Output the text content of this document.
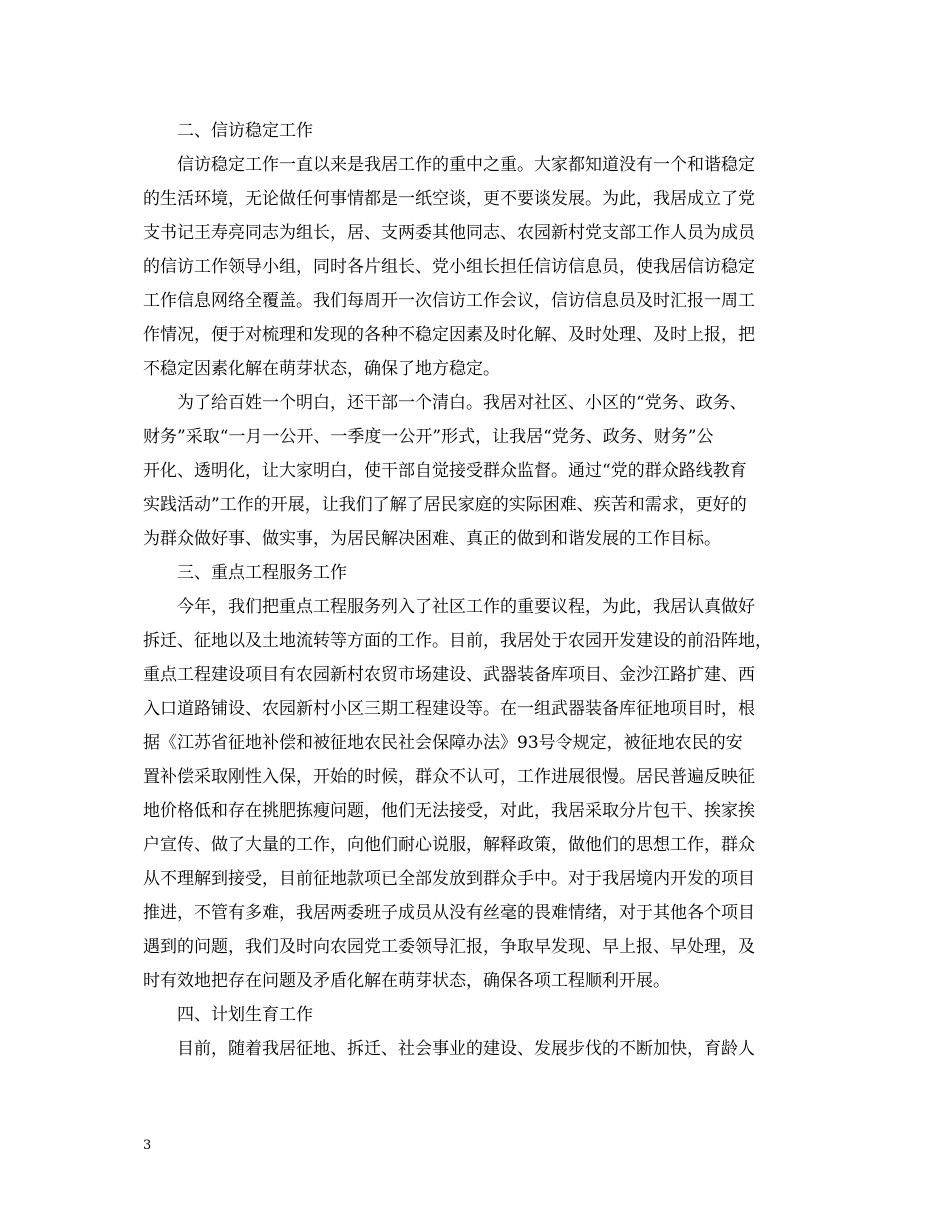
二、信访稳定工作
信访稳定工作一直以来是我居工作的重中之重。大家都知道没有一个和谐稳定
的生活环境，无论做任何事情都是一纸空谈，更不要谈发展。为此，我居成立了党
支书记王寿亮同志为组长，居、支两委其他同志、农园新村党支部工作人员为成员
的信访工作领导小组，同时各片组长、党小组长担任信访信息员，使我居信访稳定
工作信息网络全覆盖。我们每周开一次信访工作会议，信访信息员及时汇报一周工
作情况，便于对梳理和发现的各种不稳定因素及时化解、及时处理、及时上报，把
不稳定因素化解在萌芽状态，确保了地方稳定。
为了给百姓一个明白，还干部一个清白。我居对社区、小区的“党务、政务、
财务”采取“一月一公开、一季度一公开”形式，让我居“党务、政务、财务”公
开化、透明化，让大家明白，使干部自觉接受群众监督。通过“党的群众路线教育
实践活动”工作的开展，让我们了解了居民家庭的实际困难、疾苦和需求，更好的
为群众做好事、做实事，为居民解决困难、真正的做到和谐发展的工作目标。
三、重点工程服务工作
今年，我们把重点工程服务列入了社区工作的重要议程，为此，我居认真做好
拆迁、征地以及土地流转等方面的工作。目前，我居处于农园开发建设的前沿阵地，
重点工程建设项目有农园新村农贸市场建设、武器装备库项目、金沙江路扩建、西
入口道路铺设、农园新村小区三期工程建设等。在一组武器装备库征地项目时，根
据《江苏省征地补偿和被征地农民社会保障办法》93号令规定，被征地农民的安
置补偿采取刚性入保，开始的时候，群众不认可，工作进展很慢。居民普遍反映征
地价格低和存在挑肥拣瘦问题，他们无法接受，对此，我居采取分片包干、挨家挨
户宣传、做了大量的工作，向他们耐心说服，解释政策，做他们的思想工作，群众
从不理解到接受，目前征地款项已全部发放到群众手中。对于我居境内开发的项目
推进，不管有多难，我居两委班子成员从没有丝毫的畏难情绪，对于其他各个项目
遇到的问题，我们及时向农园党工委领导汇报，争取早发现、早上报、早处理，及
时有效地把存在问题及矛盾化解在萌芽状态，确保各项工程顺利开展。
四、计划生育工作
目前，随着我居征地、拆迁、社会事业的建设、发展步伐的不断加快，育龄人
3
